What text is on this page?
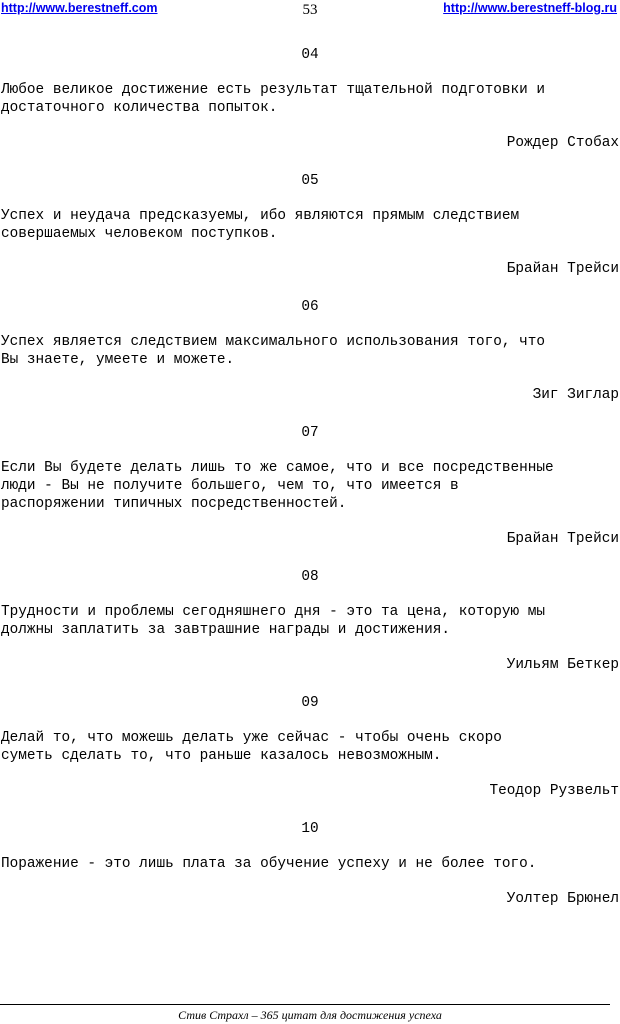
http://www.berestneff.com	53	http://www.berestneff-blog.ru
04
Любое великое достижение есть результат тщательной подготовки и
достаточного количества попыток.
Рождер Стобах
05
Успех и неудача предсказуемы, ибо являются прямым следствием
совершаемых человеком поступков.
Брайан Трейси
06
Успех является следствием максимального использования того, что
Вы знаете, умеете и можете.
Зиг Зиглар
07
Если Вы будете делать лишь то же самое, что и все посредственные
люди - Вы не получите большего, чем то, что имеется в
распоряжении типичных посредственностей.
Брайан Трейси
08
Трудности и проблемы сегодняшнего дня - это та цена, которую мы
должны заплатить за завтрашние награды и достижения.
Уильям Беткер
09
Делай то, что можешь делать уже сейчас - чтобы очень скоро
суметь сделать то, что раньше казалось невозможным.
Теодор Рузвельт
10
Поражение - это лишь плата за обучение успеху и не более того.
Уолтер Брюнел
Стив Страхл – 365 цитат для достижения успеха
